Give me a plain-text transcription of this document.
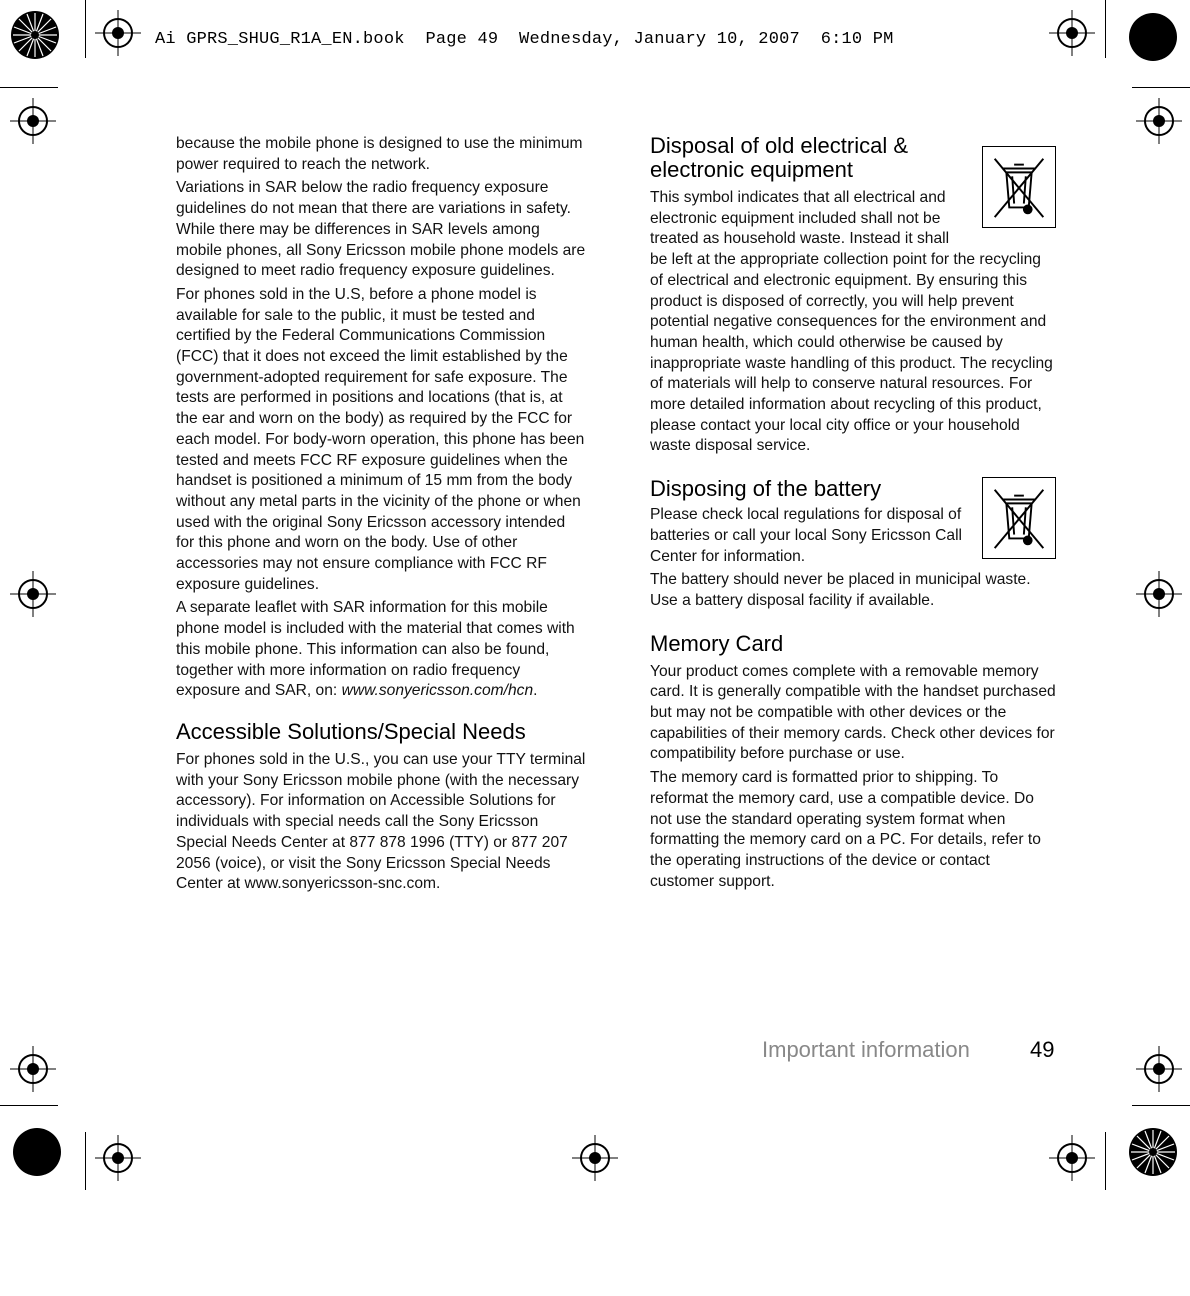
Ai GPRS_SHUG_R1A_EN.book  Page 49  Wednesday, January 10, 2007  6:10 PM

because the mobile phone is designed to use the minimum power required to reach the network.

Variations in SAR below the radio frequency exposure guidelines do not mean that there are variations in safety. While there may be differences in SAR levels among mobile phones, all Sony Ericsson mobile phone models are designed to meet radio frequency exposure guidelines.

For phones sold in the U.S, before a phone model is available for sale to the public, it must be tested and certified by the Federal Communications Commission (FCC) that it does not exceed the limit established by the government-adopted requirement for safe exposure. The tests are performed in positions and locations (that is, at the ear and worn on the body) as required by the FCC for each model. For body-worn operation, this phone has been tested and meets FCC RF exposure guidelines when the handset is positioned a minimum of 15 mm from the body without any metal parts in the vicinity of the phone or when used with the original Sony Ericsson accessory intended for this phone and worn on the body. Use of other accessories may not ensure compliance with FCC RF exposure guidelines.

A separate leaflet with SAR information for this mobile phone model is included with the material that comes with this mobile phone. This information can also be found, together with more information on radio frequency exposure and SAR, on: www.sonyericsson.com/hcn.

Accessible Solutions/Special Needs

For phones sold in the U.S., you can use your TTY terminal with your Sony Ericsson mobile phone (with the necessary accessory). For information on Accessible Solutions for individuals with special needs call the Sony Ericsson Special Needs Center at 877 878 1996 (TTY) or 877 207 2056 (voice), or visit the Sony Ericsson Special Needs Center at www.sonyericsson-snc.com.

Disposal of old electrical & electronic equipment

This symbol indicates that all electrical and electronic equipment included shall not be treated as household waste. Instead it shall be left at the appropriate collection point for the recycling of electrical and electronic equipment. By ensuring this product is disposed of correctly, you will help prevent potential negative consequences for the environment and human health, which could otherwise be caused by inappropriate waste handling of this product. The recycling of materials will help to conserve natural resources. For more detailed information about recycling of this product, please contact your local city office or your household waste disposal service.

Disposing of the battery

Please check local regulations for disposal of batteries or call your local Sony Ericsson Call Center for information.

The battery should never be placed in municipal waste. Use a battery disposal facility if available.

Memory Card

Your product comes complete with a removable memory card. It is generally compatible with the handset purchased but may not be compatible with other devices or the capabilities of their memory cards. Check other devices for compatibility before purchase or use.

The memory card is formatted prior to shipping. To reformat the memory card, use a compatible device. Do not use the standard operating system format when formatting the memory card on a PC. For details, refer to the operating instructions of the device or contact customer support.

Important information	49
